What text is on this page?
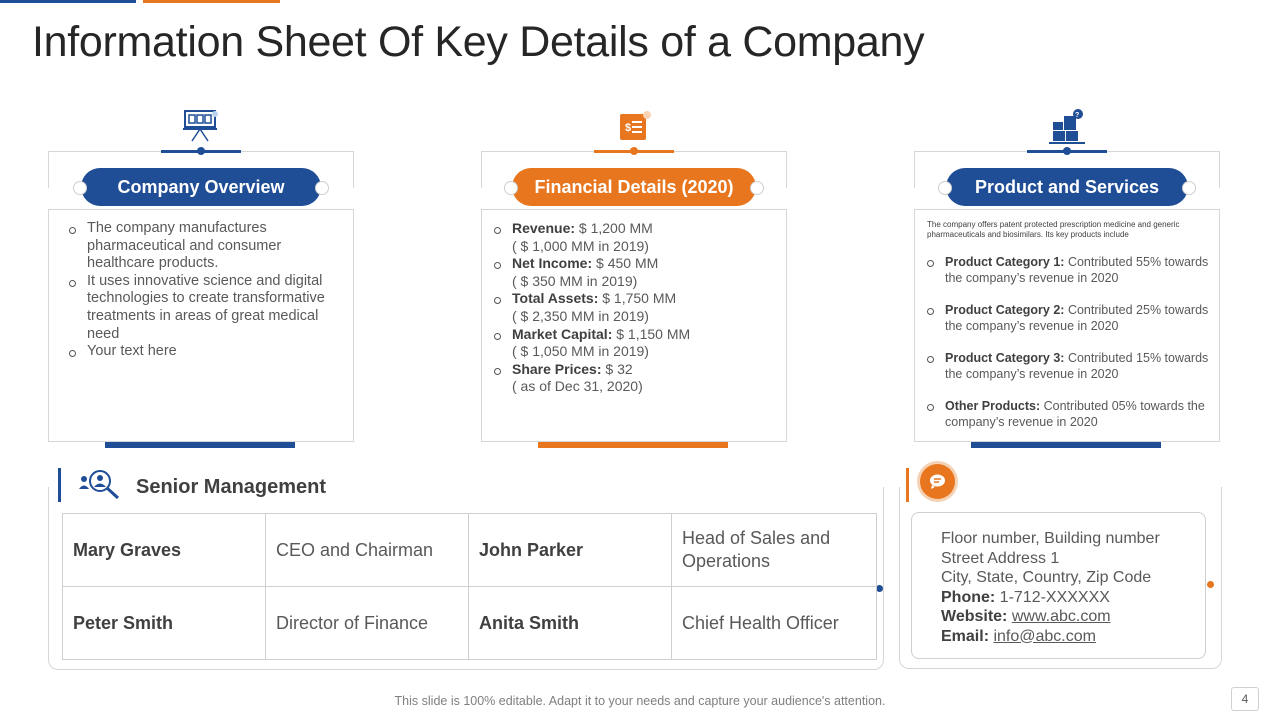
Information Sheet Of Key Details of a Company
Company Overview
The company manufactures pharmaceutical and consumer healthcare products.
It uses innovative science and digital technologies to create transformative treatments in areas of great medical need
Your text here
$
Financial Details (2020)
Revenue: $ 1,200 MM
( $ 1,000 MM in 2019)
Net Income: $ 450 MM
( $ 350 MM in 2019)
Total Assets: $ 1,750 MM
( $ 2,350 MM in 2019)
Market Capital: $ 1,150 MM
( $ 1,050 MM in 2019)
Share Prices: $ 32
( as of Dec 31, 2020)
?
Product and Services
The company offers patent protected prescription medicine and generic pharmaceuticals and biosimilars. Its key products include
Product Category 1: Contributed 55% towards the company’s revenue in 2020
Product Category 2: Contributed 25% towards the company’s revenue in 2020
Product Category 3: Contributed 15% towards the company’s revenue in 2020
Other Products: Contributed 05% towards the company’s revenue in 2020
Senior Management
Mary Graves	CEO and Chairman	John Parker	Head of Sales and Operations
Peter Smith	Director of Finance	Anita Smith	Chief Health Officer
Floor number, Building number
Street Address 1
City, State, Country, Zip Code
Phone: 1-712-XXXXXX
Website: www.abc.com
Email: info@abc.com
This slide is 100% editable. Adapt it to your needs and capture your audience's attention.	4
